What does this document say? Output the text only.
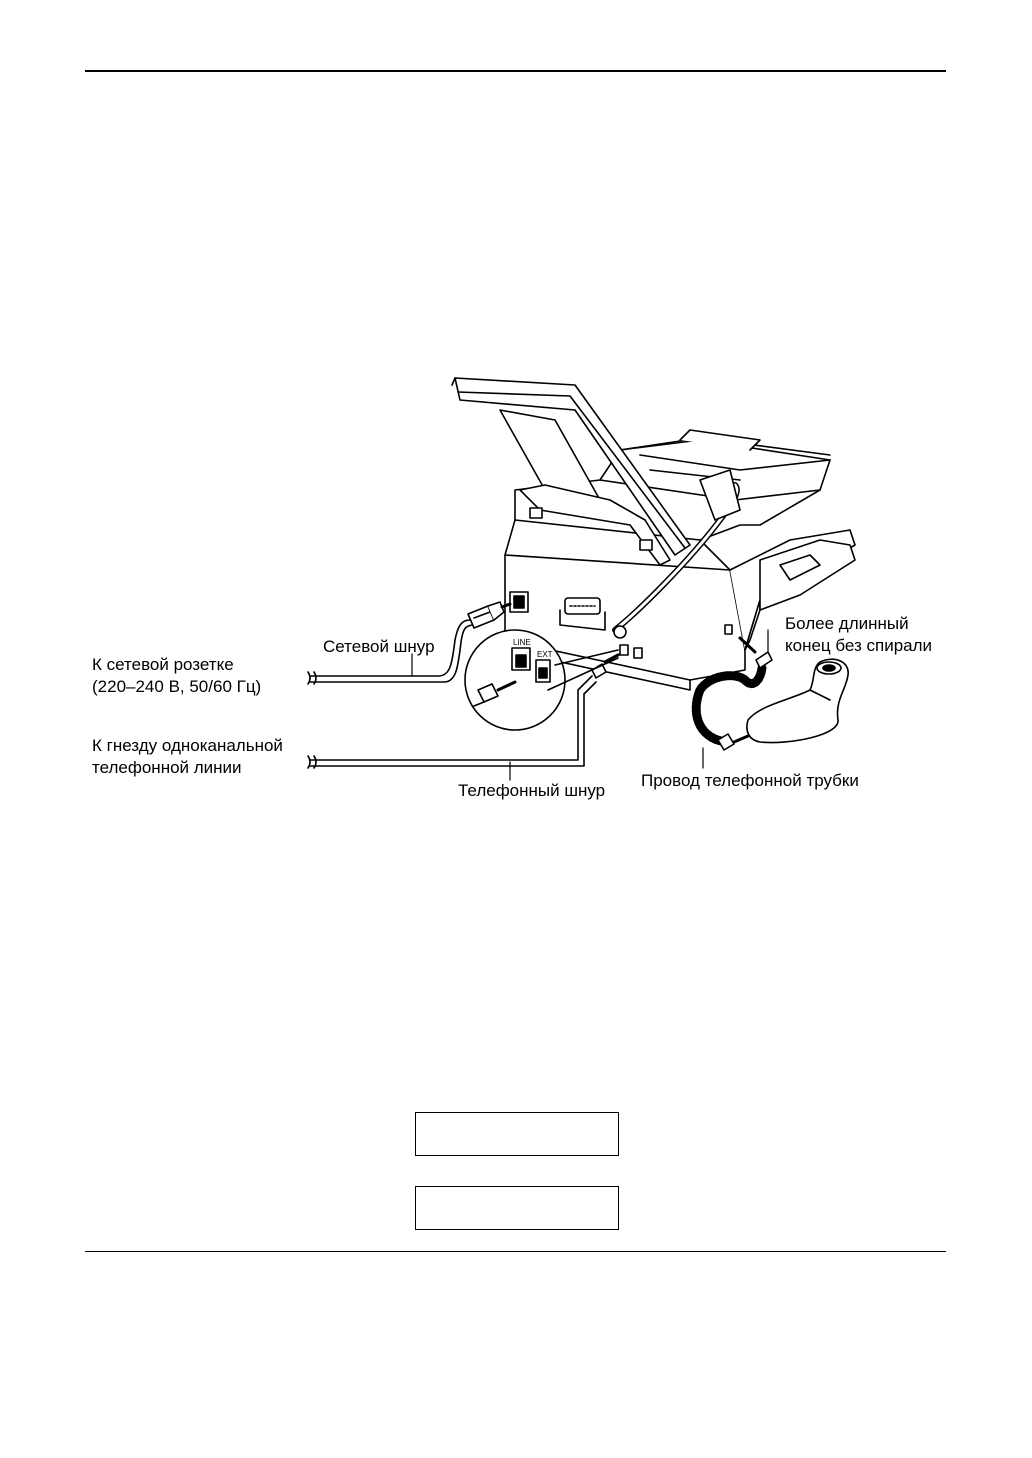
Сетевой шнур
К сетевой розетке
(220–240 В, 50/60 Гц)
К гнезду одноканальной
телефонной линии
Телефонный шнур
Более длинный
конец без спирали
Провод телефонной трубки
LINE
EXT
